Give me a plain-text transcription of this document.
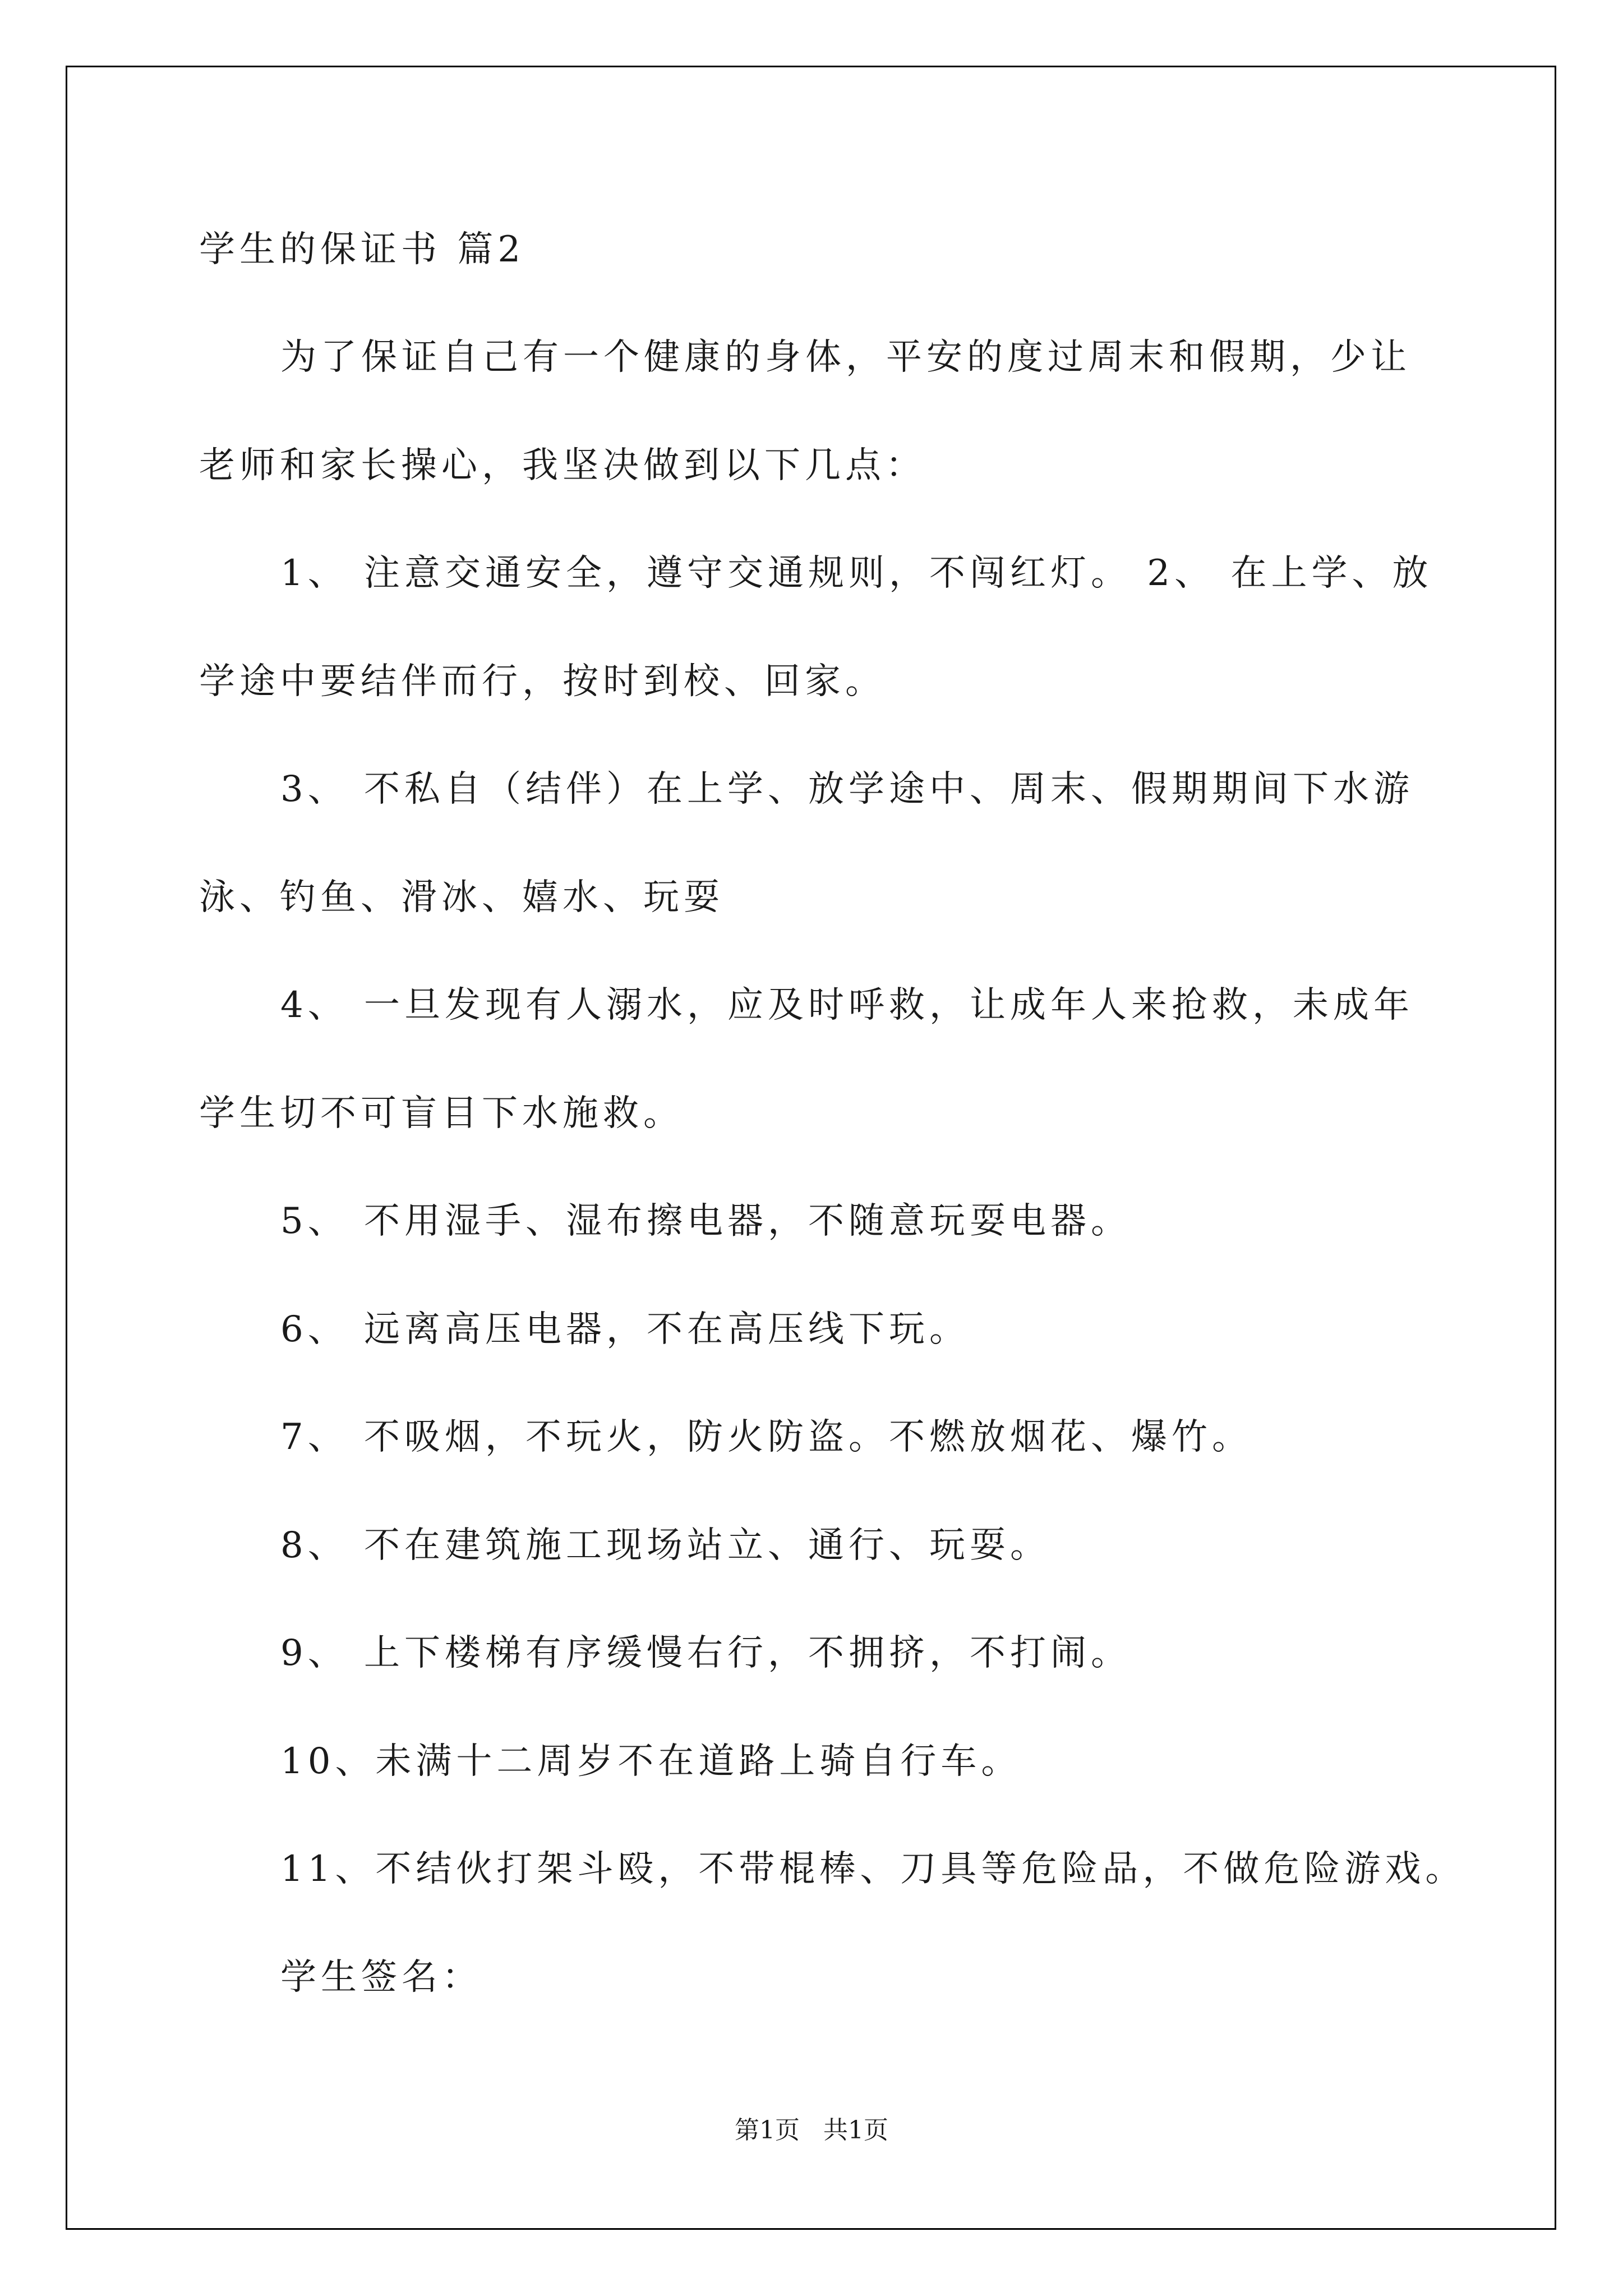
学生的保证书 篇2
为了保证自己有一个健康的身体，平安的度过周末和假期，少让
老师和家长操心，我坚决做到以下几点：
1、 注意交通安全，遵守交通规则，不闯红灯。 2、 在上学、放
学途中要结伴而行，按时到校、回家。
3、 不私自（结伴）在上学、放学途中、周末、假期期间下水游
泳、钓鱼、滑冰、嬉水、玩耍
4、 一旦发现有人溺水，应及时呼救，让成年人来抢救，未成年
学生切不可盲目下水施救。
5、 不用湿手、湿布擦电器，不随意玩耍电器。
6、 远离高压电器，不在高压线下玩。
7、 不吸烟，不玩火，防火防盗。不燃放烟花、爆竹。
8、 不在建筑施工现场站立、通行、玩耍。
9、 上下楼梯有序缓慢右行，不拥挤，不打闹。
10、未满十二周岁不在道路上骑自行车。
11、不结伙打架斗殴，不带棍棒、刀具等危险品，不做危险游戏。
学生签名：
第1页   共1页
